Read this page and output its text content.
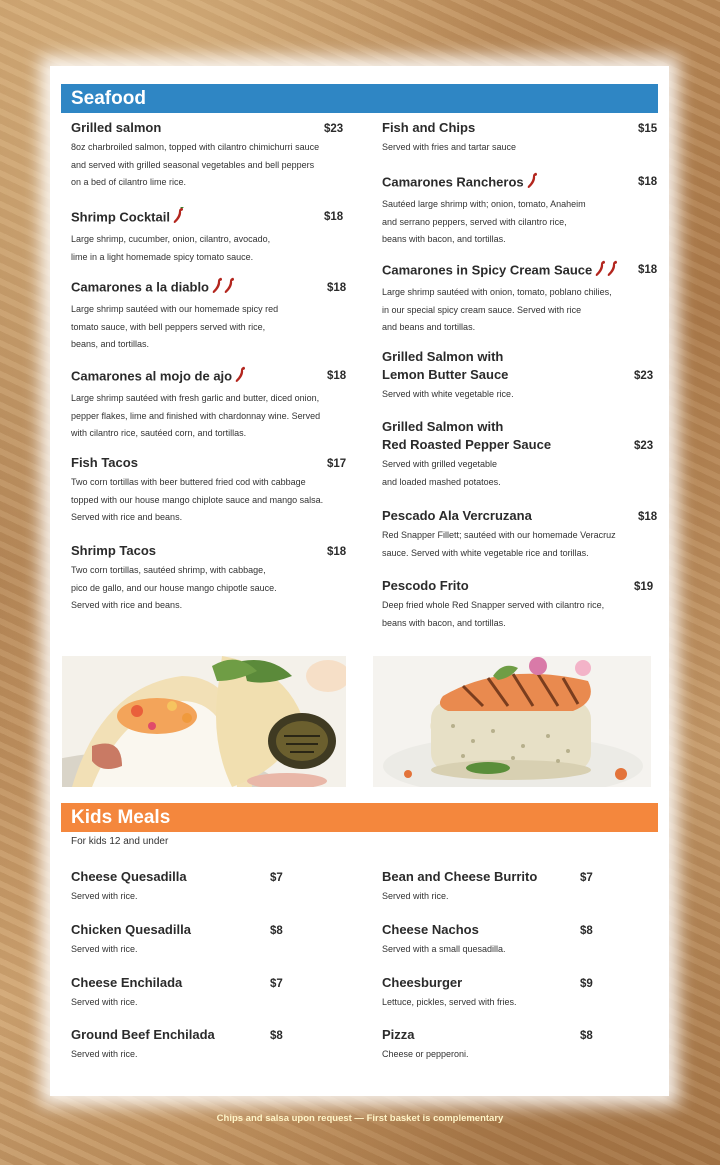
Seafood
Grilled salmon
8oz charbroiled salmon, topped with cilantro chimichurri sauce
and served with grilled seasonal vegetables and bell peppers
on a bed of cilantro lime rice.
$23
Shrimp Cocktail
Large shrimp, cucumber, onion, cilantro, avocado,
lime in a light homemade spicy tomato sauce.
$18
Camarones a la diablo
Large shrimp sautéed with our homemade spicy red
tomato sauce, with bell peppers served with rice,
beans, and tortillas.
$18
Camarones al mojo de ajo
Large shrimp sautéed with fresh garlic and butter, diced onion,
pepper flakes, lime and finished with chardonnay wine. Served
with cilantro rice, sautéed corn, and tortillas.
$18
Fish Tacos
Two corn tortillas with beer buttered fried cod with cabbage
topped with our house mango chiplote sauce and mango salsa.
Served with rice and beans.
$17
Shrimp Tacos
Two corn tortillas, sautéed shrimp, with cabbage,
pico de gallo, and our house mango chipotle sauce.
Served with rice and beans.
$18
Fish and Chips
Served with fries and tartar sauce
$15
Camarones Rancheros
Sautéed large shrimp with; onion, tomato, Anaheim
and serrano peppers, served with cilantro rice,
beans with bacon, and tortillas.
$18
Camarones in Spicy Cream Sauce
Large shrimp sautéed with onion, tomato, poblano chilies,
in our special spicy cream sauce. Served with rice
and beans and tortillas.
$18
Grilled Salmon with
Lemon Butter Sauce
Served with white vegetable rice.
$23
Grilled Salmon with
Red Roasted Pepper Sauce
Served with grilled vegetable
and loaded mashed potatoes.
$23
Pescado Ala Vercruzana
Red Snapper Fillett; sautéed with our homemade Veracruz
sauce. Served with white vegetable rice and torillas.
$18
Pescodo Frito
Deep fried whole Red Snapper served with cilantro rice,
beans with bacon, and tortillas.
$19
Kids Meals
For kids 12 and under
Cheese Quesadilla
Served with rice.
$7
Chicken Quesadilla
Served with rice.
$8
Cheese Enchilada
Served with rice.
$7
Ground Beef Enchilada
Served with rice.
$8
Bean and Cheese Burrito
Served with rice.
$7
Cheese Nachos
Served with a small quesadilla.
$8
Cheesburger
Lettuce, pickles, served with fries.
$9
Pizza
Cheese or pepperoni.
$8
Chips and salsa upon request — First basket is complementary
